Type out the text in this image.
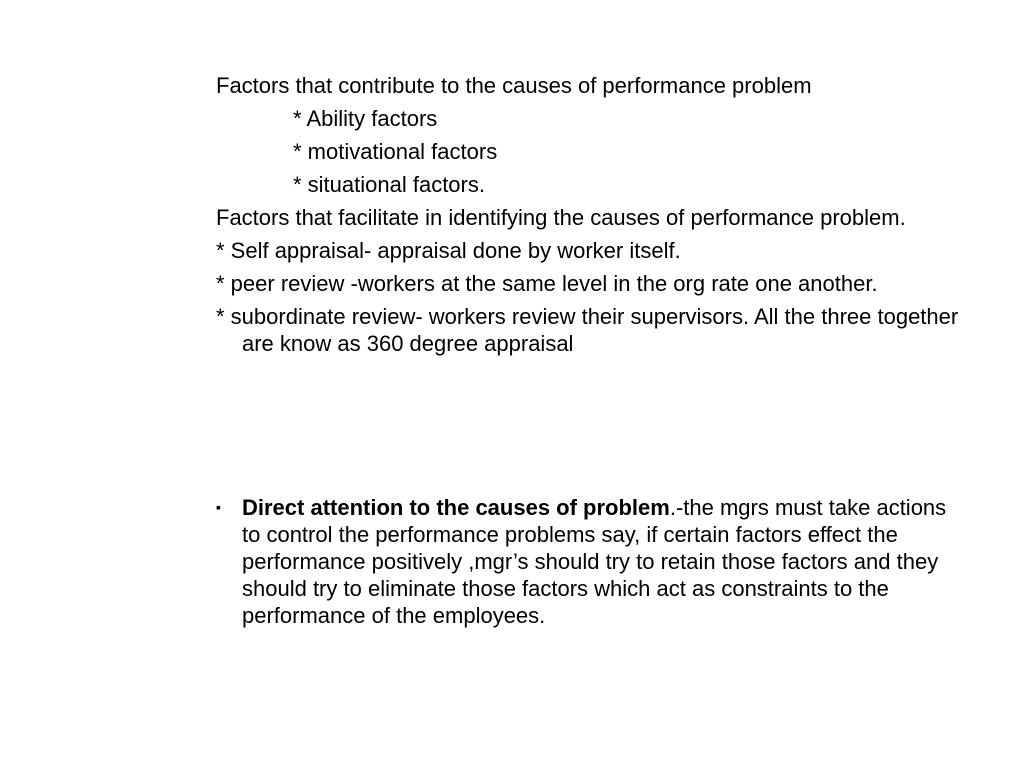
Factors that contribute to the causes of performance problem

* Ability factors

* motivational factors

* situational factors.

Factors that facilitate in identifying the causes of performance problem.

* Self appraisal- appraisal done by worker itself.

* peer review -workers at the same level in the org rate one another.

* subordinate review- workers review their supervisors. All the three together are know as 360 degree appraisal

▪ Direct attention to the causes of problem.-the mgrs must take actions to control the performance problems say, if certain factors effect the performance positively ,mgr’s should try to retain those factors and they should try to eliminate those factors which act as constraints to the performance of the employees.
